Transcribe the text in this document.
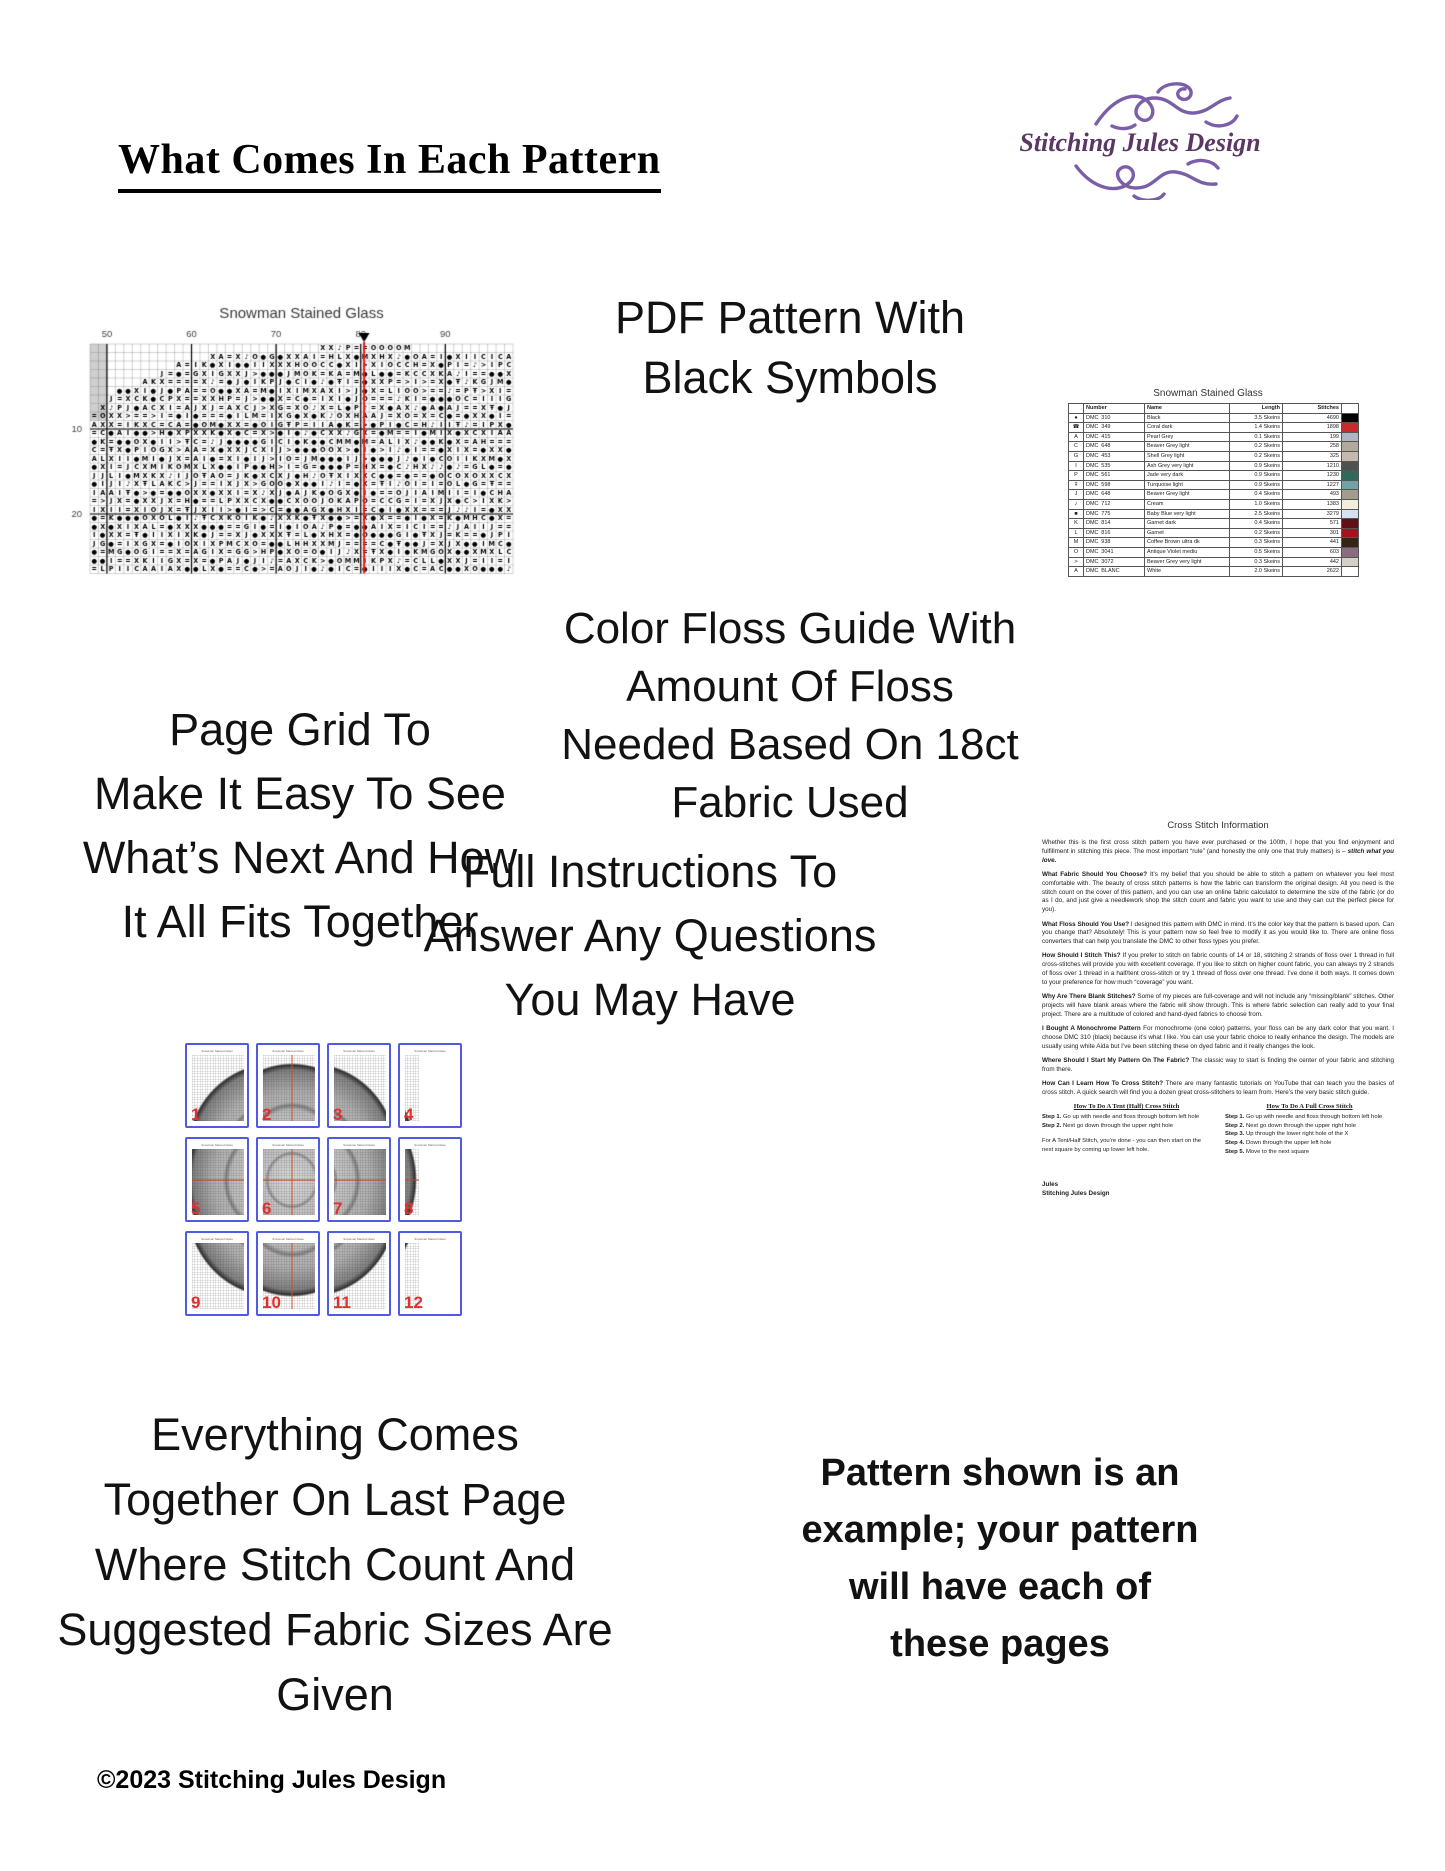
What Comes In Each Pattern	Stitching Jules Design
PDF Pattern With
Black Symbols
Color Floss Guide With
Amount Of Floss
Needed Based On 18ct
Fabric Used
Page Grid To
Make It Easy To See
What’s Next And How
It All Fits Together
Full Instructions To
Answer Any Questions
You May Have
Everything Comes
Together On Last Page
Where Stitch Count And
Suggested Fabric Sizes Are
Given
Pattern shown is an
example; your pattern
will have each of
these pages
Snowman Stained Glass
	Number	Name	Length	Stitches	
●	DMC 310	Black	3.5 Skeins	4690	
☎	DMC 349	Coral dark	1.4 Skeins	1898	
A	DMC 415	Pearl Grey	0.1 Skeins	199	
C	DMC 648	Beaver Grey light	0.2 Skeins	258	
G	DMC 453	Shell Grey light	0.2 Skeins	325	
I	DMC 535	Ash Grey very light	0.9 Skeins	1210	
P	DMC 561	Jade very dark	0.9 Skeins	1230	
Ŧ	DMC 598	Turquoise light	0.9 Skeins	1227	
J	DMC 648	Beaver Grey light	0.4 Skeins	493	
♪	DMC 712	Cream	1.0 Skeins	1383	
■	DMC 775	Baby Blue very light	2.5 Skeins	3279	
K	DMC 814	Garnet dark	0.4 Skeins	571	
L	DMC 816	Garnet	0.2 Skeins	301	
M	DMC 938	Coffee Brown ultra dk	0.3 Skeins	441	
O	DMC 3041	Antique Violet mediu	0.5 Skeins	603	
>	DMC 3072	Beaver Grey very light	0.3 Skeins	442	
A	DMC BLANC	White	2.0 Skeins	2622	
Snowman Stained Glass
1
Snowman Stained Glass
2
Snowman Stained Glass
3
Snowman Stained Glass
4
Snowman Stained Glass
5
Snowman Stained Glass
6
Snowman Stained Glass
7
Snowman Stained Glass
8
Snowman Stained Glass
9
Snowman Stained Glass
10
Snowman Stained Glass
11
Snowman Stained Glass
12
Cross Stitch Information

Whether this is the first cross stitch pattern you have ever purchased or the 100th, I hope that you find enjoyment and fulfillment in stitching this piece. The most important “rule” (and honestly the only one that truly matters) is – stitch what you love.

What Fabric Should You Choose? It’s my belief that you should be able to stitch a pattern on whatever you feel most comfortable with. The beauty of cross stitch patterns is how the fabric can transform the original design. All you need is the stitch count on the cover of this pattern, and you can use an online fabric calculator to determine the size of the fabric (or do as I do, and just give a needlework shop the stitch count and fabric you want to use and they can cut the perfect piece for you).

What Floss Should You Use? I designed this pattern with DMC in mind. It’s the color key that the pattern is based upon. Can you change that? Absolutely! This is your pattern now so feel free to modify it as you would like to. There are online floss converters that can help you translate the DMC to other floss types you prefer.

How Should I Stitch This? If you prefer to stitch on fabric counts of 14 or 18, stitching 2 strands of floss over 1 thread in full cross-stitches will provide you with excellent coverage. If you like to stitch on higher count fabric, you can always try 2 strands of floss over 1 thread in a half/tent cross-stitch or try 1 thread of floss over one thread. I’ve done it both ways. It comes down to your preference for how much “coverage” you want.

Why Are There Blank Stitches? Some of my pieces are full-coverage and will not include any “missing/blank” stitches. Other projects will have blank areas where the fabric will show through. This is where fabric selection can really add to your final project. There are a multitude of colored and hand-dyed fabrics to choose from.

I Bought A Monochrome Pattern For monochrome (one color) patterns, your floss can be any dark color that you want. I choose DMC 310 (black) because it’s what I like. You can use your fabric choice to really enhance the design. The models are usually using white Aida but I’ve been stitching these on dyed fabric and it really changes the look.

Where Should I Start My Pattern On The Fabric? The classic way to start is finding the center of your fabric and stitching from there.

How Can I Learn How To Cross Stitch? There are many fantastic tutorials on YouTube that can teach you the basics of cross stitch. A quick search will find you a dozen great cross-stitchers to learn from. Here’s the very basic stitch guide.

How To Do A Tent (Half) Cross Stitch
Step 1. Go up with needle and floss through bottom left hole
Step 2. Next go down through the upper right hole
For A Tent/Half Stitch, you’re done - you can then start on the next square by coming up lower left hole.
How To Do A Full Cross Stitch
Step 1. Go up with needle and floss through bottom left hole
Step 2. Next go down through the upper right hole
Step 3. Up through the lower right hole of the X
Step 4. Down through the upper left hole
Step 5. Move to the next square
Jules
Stitching Jules Design
©2023 Stitching Jules Design
